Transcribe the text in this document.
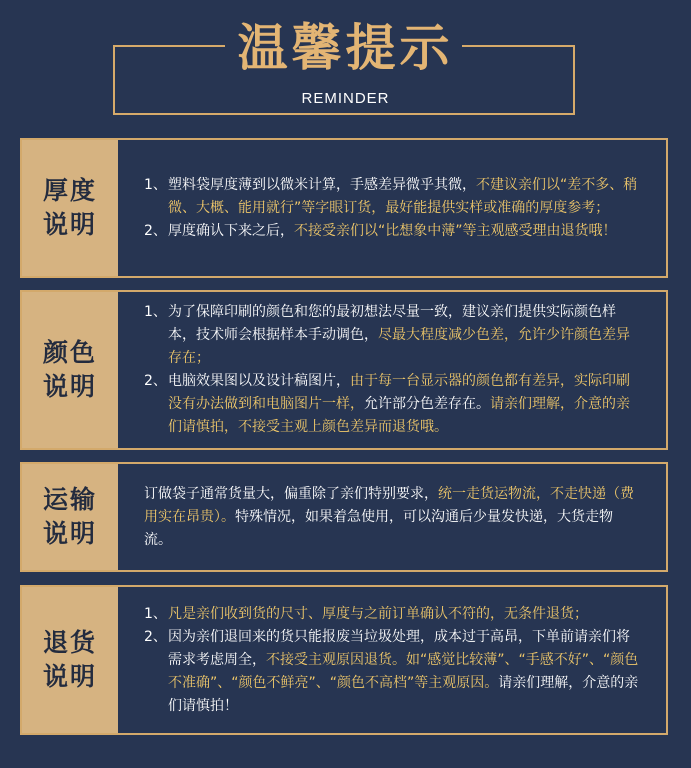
温馨提示
REMINDER
厚度
说明
1、 塑料袋厚度薄到以微米计算，手感差异微乎其微，不建议亲们以“差不多、稍微、大概、能用就行”等字眼订货，最好能提供实样或准确的厚度参考；
2、 厚度确认下来之后，不接受亲们以“比想象中薄”等主观感受理由退货哦！
颜色
说明
1、 为了保障印刷的颜色和您的最初想法尽量一致，建议亲们提供实际颜色样本，技术师会根据样本手动调色，尽最大程度减少色差，允许少许颜色差异存在；
2、 电脑效果图以及设计稿图片，由于每一台显示器的颜色都有差异，实际印刷没有办法做到和电脑图片一样，允许部分色差存在。请亲们理解，介意的亲们请慎拍，不接受主观上颜色差异而退货哦。
运输
说明
订做袋子通常货量大，偏重除了亲们特别要求，统一走货运物流，不走快递（费用实在昂贵）。特殊情况，如果着急使用，可以沟通后少量发快递，大货走物流。
退货
说明
1、 凡是亲们收到货的尺寸、厚度与之前订单确认不符的，无条件退货；
2、 因为亲们退回来的货只能报废当垃圾处理，成本过于高昂，下单前请亲们将需求考虑周全，不接受主观原因退货。如“感觉比较薄”、“手感不好”、“颜色不准确”、“颜色不鲜亮”、“颜色不高档”等主观原因。请亲们理解，介意的亲们请慎拍！
